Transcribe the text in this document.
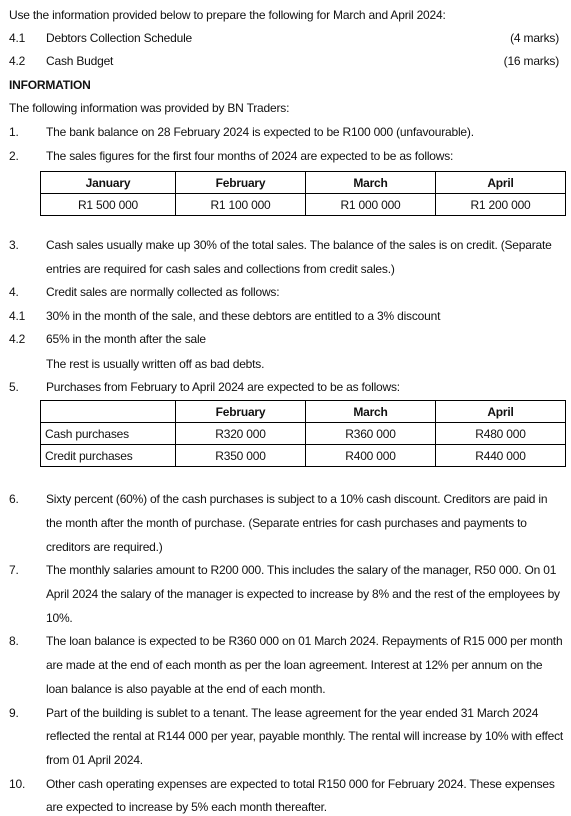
Use the information provided below to prepare the following for March and April 2024:
4.1 Debtors Collection Schedule	(4 marks)
4.2 Cash Budget	(16 marks)
INFORMATION
The following information was provided by BN Traders:
1. The bank balance on 28 February 2024 is expected to be R100 000 (unfavourable).
2. The sales figures for the first four months of 2024 are expected to be as follows:
January	February	March	April
R1 500 000	R1 100 000	R1 000 000	R1 200 000
3. Cash sales usually make up 30% of the total sales. The balance of the sales is on credit. (Separate
entries are required for cash sales and collections from credit sales.)
4. Credit sales are normally collected as follows:
4.1 30% in the month of the sale, and these debtors are entitled to a 3% discount
4.2 65% in the month after the sale
The rest is usually written off as bad debts.
5. Purchases from February to April 2024 are expected to be as follows:
	February	March	April
Cash purchases	R320 000	R360 000	R480 000
Credit purchases	R350 000	R400 000	R440 000
6. Sixty percent (60%) of the cash purchases is subject to a 10% cash discount. Creditors are paid in
the month after the month of purchase. (Separate entries for cash purchases and payments to
creditors are required.)
7. The monthly salaries amount to R200 000. This includes the salary of the manager, R50 000. On 01
April 2024 the salary of the manager is expected to increase by 8% and the rest of the employees by
10%.
8. The loan balance is expected to be R360 000 on 01 March 2024. Repayments of R15 000 per month
are made at the end of each month as per the loan agreement. Interest at 12% per annum on the
loan balance is also payable at the end of each month.
9. Part of the building is sublet to a tenant. The lease agreement for the year ended 31 March 2024
reflected the rental at R144 000 per year, payable monthly. The rental will increase by 10% with effect
from 01 April 2024.
10. Other cash operating expenses are expected to total R150 000 for February 2024. These expenses
are expected to increase by 5% each month thereafter.
